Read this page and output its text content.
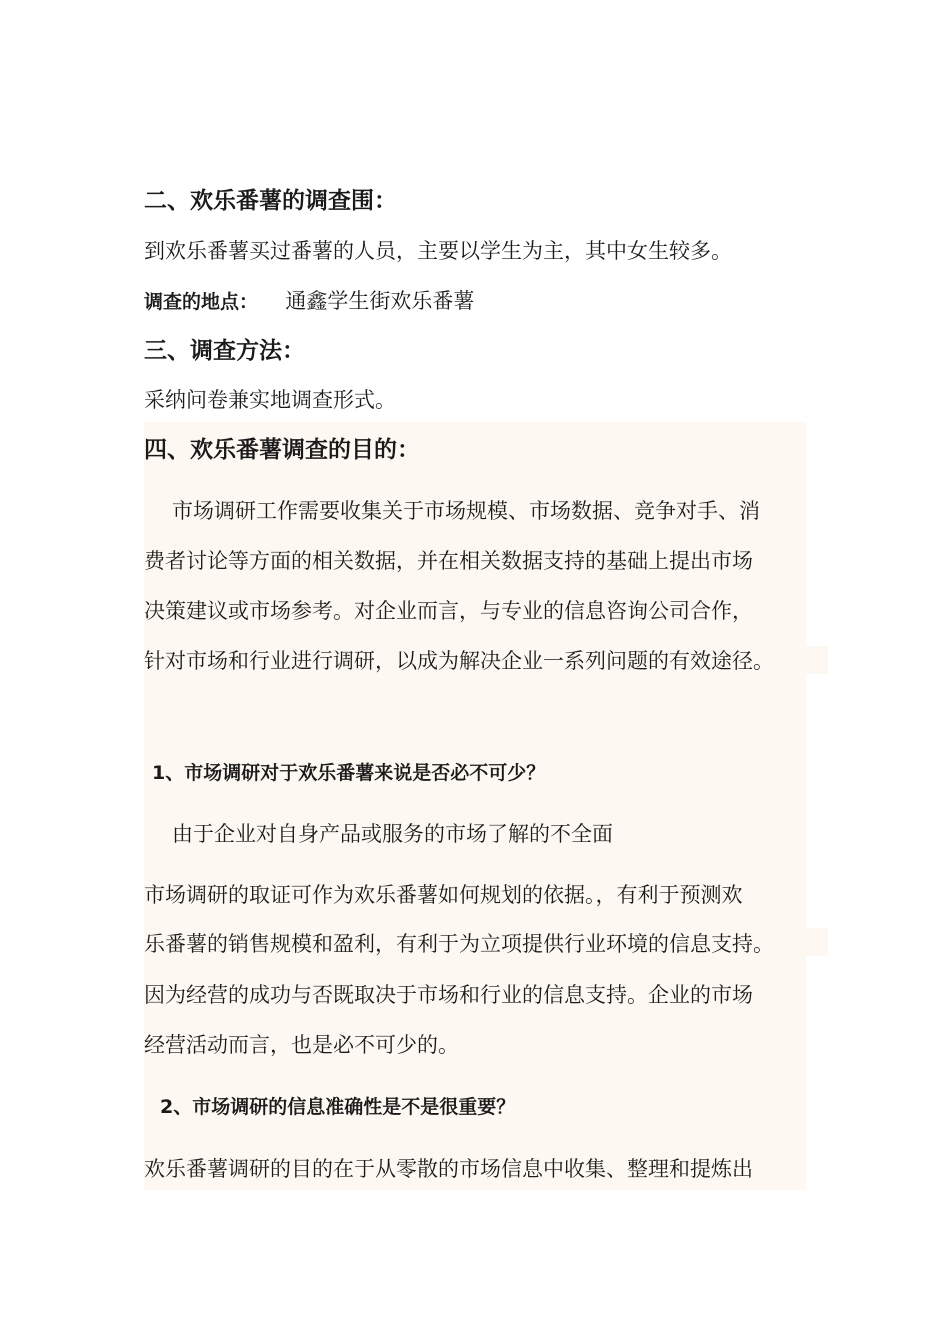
二、欢乐番薯的调查围：
到欢乐番薯买过番薯的人员，主要以学生为主，其中女生较多。
调查的地点： 通鑫学生街欢乐番薯
三、调查方法：
采纳问卷兼实地调查形式。
四、欢乐番薯调查的目的：
市场调研工作需要收集关于市场规模、市场数据、竞争对手、消
费者讨论等方面的相关数据，并在相关数据支持的基础上提出市场
决策建议或市场参考。对企业而言，与专业的信息咨询公司合作，
针对市场和行业进行调研，以成为解决企业一系列问题的有效途径。
1、市场调研对于欢乐番薯来说是否必不可少？
由于企业对自身产品或服务的市场了解的不全面
市场调研的取证可作为欢乐番薯如何规划的依据。，有利于预测欢
乐番薯的销售规模和盈利，有利于为立项提供行业环境的信息支持。
因为经营的成功与否既取决于市场和行业的信息支持。企业的市场
经营活动而言，也是必不可少的。
2、市场调研的信息准确性是不是很重要？
欢乐番薯调研的目的在于从零散的市场信息中收集、整理和提炼出
